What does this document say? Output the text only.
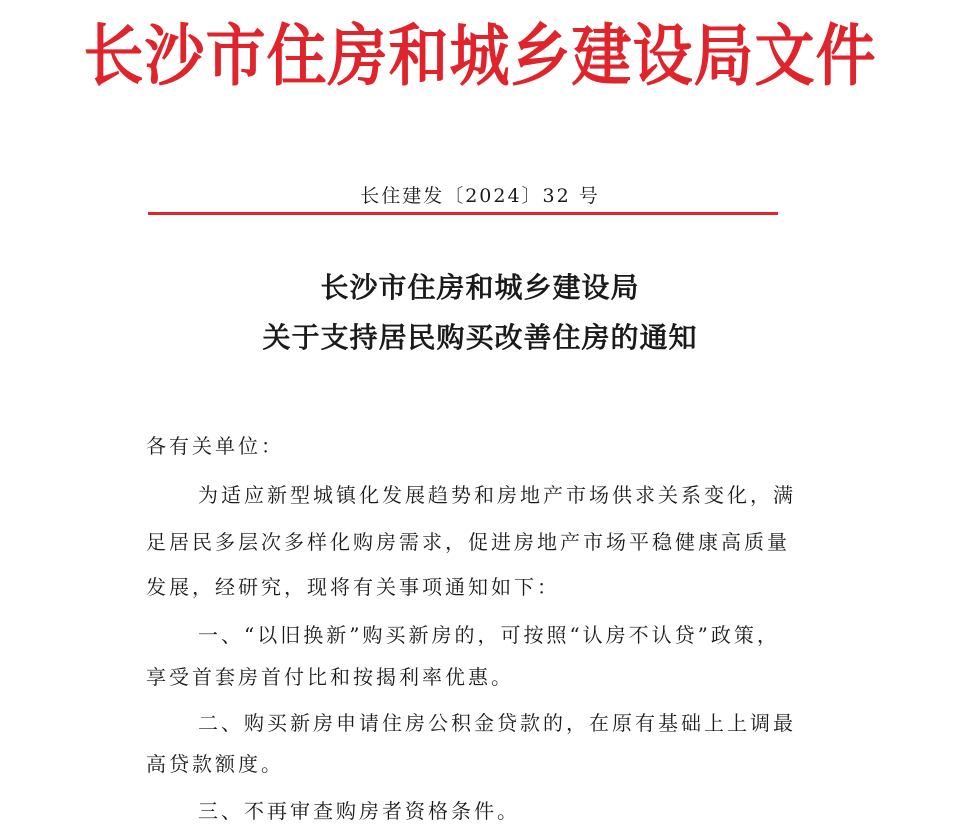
长沙市住房和城乡建设局文件
长住建发〔2024〕32 号
长沙市住房和城乡建设局
关于支持居民购买改善住房的通知
各有关单位：
为适应新型城镇化发展趋势和房地产市场供求关系变化，满
足居民多层次多样化购房需求，促进房地产市场平稳健康高质量
发展，经研究，现将有关事项通知如下：
一、“以旧换新”购买新房的，可按照“认房不认贷”政策，
享受首套房首付比和按揭利率优惠。
二、购买新房申请住房公积金贷款的，在原有基础上上调最
高贷款额度。
三、不再审查购房者资格条件。
